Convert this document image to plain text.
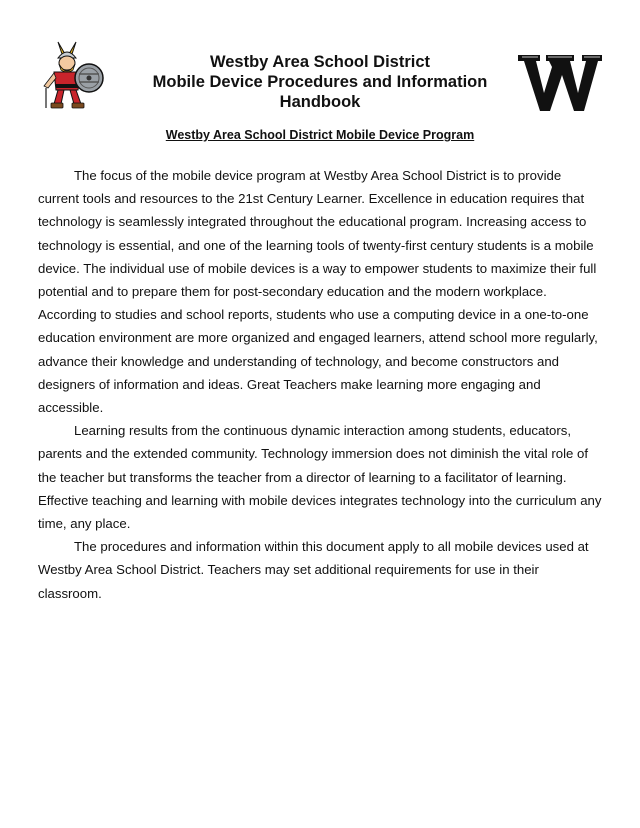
Westby Area School District

Mobile Device Procedures and Information

Handbook

Westby Area School District Mobile Device Program

The focus of the mobile device program at Westby Area School District is to provide current tools and resources to the 21st Century Learner. Excellence in education requires that technology is seamlessly integrated throughout the educational program. Increasing access to technology is essential, and one of the learning tools of twenty-first century students is a mobile device. The individual use of mobile devices is a way to empower students to maximize their full potential and to prepare them for post-secondary education and the modern workplace. According to studies and school reports, students who use a computing device in a one-to-one education environment are more organized and engaged learners, attend school more regularly, advance their knowledge and understanding of technology, and become constructors and designers of information and ideas. Great Teachers make learning more engaging and accessible.

Learning results from the continuous dynamic interaction among students, educators, parents and the extended community. Technology immersion does not diminish the vital role of the teacher but transforms the teacher from a director of learning to a facilitator of learning. Effective teaching and learning with mobile devices integrates technology into the curriculum any time, any place.

The procedures and information within this document apply to all mobile devices used at Westby Area School District. Teachers may set additional requirements for use in their classroom.
